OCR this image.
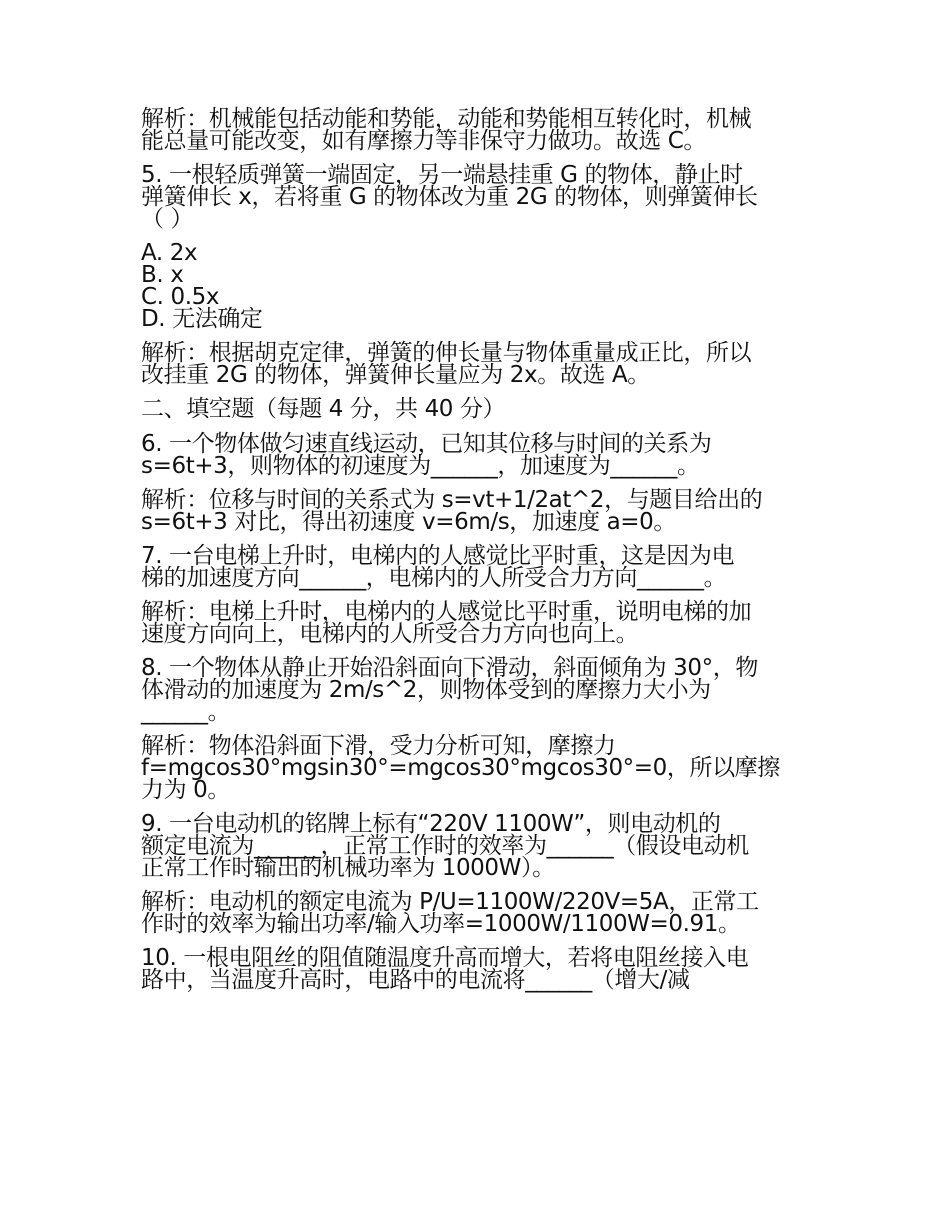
解析：机械能包括动能和势能，动能和势能相互转化时，机械
能总量可能改变，如有摩擦力等非保守力做功。故选 C。
5. 一根轻质弹簧一端固定，另一端悬挂重 G 的物体，静止时
弹簧伸长 x，若将重 G 的物体改为重 2G 的物体，则弹簧伸长
（ ）
A. 2x
B. x
C. 0.5x
D. 无法确定
解析：根据胡克定律，弹簧的伸长量与物体重量成正比，所以
改挂重 2G 的物体，弹簧伸长量应为 2x。故选 A。
二、填空题（每题 4 分，共 40 分）
6. 一个物体做匀速直线运动，已知其位移与时间的关系为
s=6t+3，则物体的初速度为______，加速度为______。
解析：位移与时间的关系式为 s=vt+1/2at^2，与题目给出的
s=6t+3 对比，得出初速度 v=6m/s，加速度 a=0。
7. 一台电梯上升时，电梯内的人感觉比平时重，这是因为电
梯的加速度方向______，电梯内的人所受合力方向______。
解析：电梯上升时，电梯内的人感觉比平时重，说明电梯的加
速度方向向上，电梯内的人所受合力方向也向上。
8. 一个物体从静止开始沿斜面向下滑动，斜面倾角为 30°，物
体滑动的加速度为 2m/s^2，则物体受到的摩擦力大小为
______。
解析：物体沿斜面下滑，受力分析可知，摩擦力
f=mgcos30°mgsin30°=mgcos30°mgcos30°=0，所以摩擦
力为 0。
9. 一台电动机的铭牌上标有“220V 1100W”，则电动机的
额定电流为______，正常工作时的效率为______（假设电动机
正常工作时输出的机械功率为 1000W）。
解析：电动机的额定电流为 P/U=1100W/220V=5A，正常工
作时的效率为输出功率/输入功率=1000W/1100W=0.91。
10. 一根电阻丝的阻值随温度升高而增大，若将电阻丝接入电
路中，当温度升高时，电路中的电流将______（增大/减
